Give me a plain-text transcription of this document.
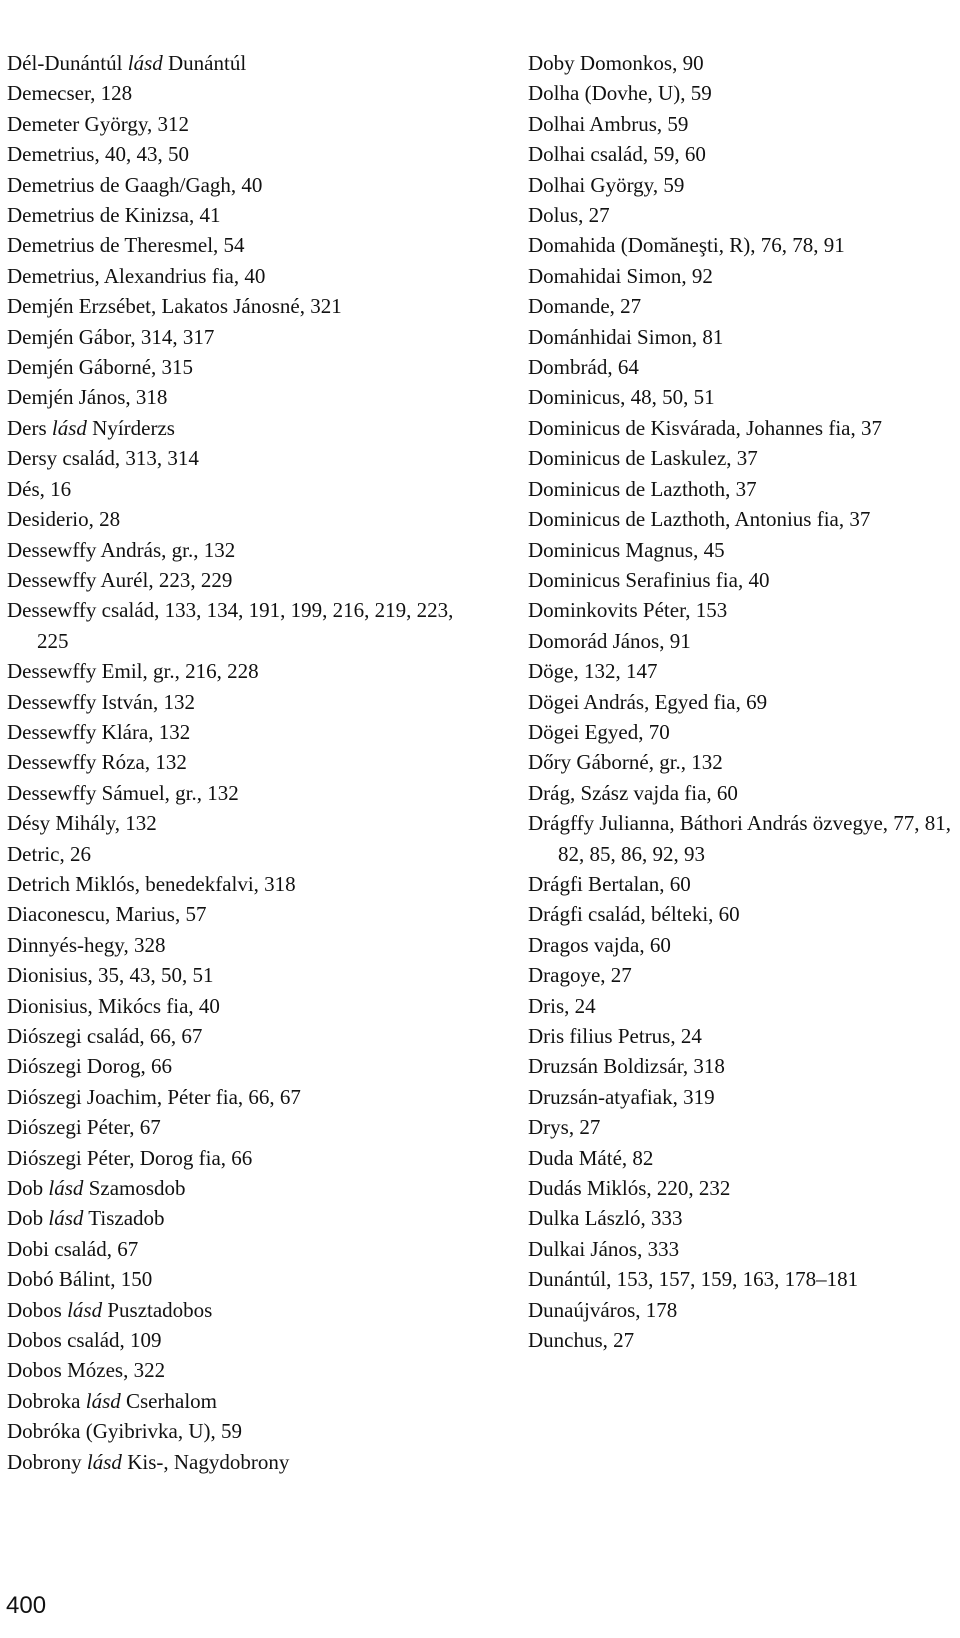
Dél-Dunántúl lásd Dunántúl
Demecser, 128
Demeter György, 312
Demetrius, 40, 43, 50
Demetrius de Gaagh/Gagh, 40
Demetrius de Kinizsa, 41
Demetrius de Theresmel, 54
Demetrius, Alexandrius fia, 40
Demjén Erzsébet, Lakatos Jánosné, 321
Demjén Gábor, 314, 317
Demjén Gáborné, 315
Demjén János, 318
Ders lásd Nyírderzs
Dersy család, 313, 314
Dés, 16
Desiderio, 28
Dessewffy András, gr., 132
Dessewffy Aurél, 223, 229
Dessewffy család, 133, 134, 191, 199, 216, 219, 223, 225
Dessewffy Emil, gr., 216, 228
Dessewffy István, 132
Dessewffy Klára, 132
Dessewffy Róza, 132
Dessewffy Sámuel, gr., 132
Désy Mihály, 132
Detric, 26
Detrich Miklós, benedekfalvi, 318
Diaconescu, Marius, 57
Dinnyés-hegy, 328
Dionisius, 35, 43, 50, 51
Dionisius, Mikócs fia, 40
Diószegi család, 66, 67
Diószegi Dorog, 66
Diószegi Joachim, Péter fia, 66, 67
Diószegi Péter, 67
Diószegi Péter, Dorog fia, 66
Dob lásd Szamosdob
Dob lásd Tiszadob
Dobi család, 67
Dobó Bálint, 150
Dobos lásd Pusztadobos
Dobos család, 109
Dobos Mózes, 322
Dobroka lásd Cserhalom
Dobróka (Gyibrivka, U), 59
Dobrony lásd Kis-, Nagydobrony
Doby Domonkos, 90
Dolha (Dovhe, U), 59
Dolhai Ambrus, 59
Dolhai család, 59, 60
Dolhai György, 59
Dolus, 27
Domahida (Domăneşti, R), 76, 78, 91
Domahidai Simon, 92
Domande, 27
Dománhidai Simon, 81
Dombrád, 64
Dominicus, 48, 50, 51
Dominicus de Kisvárada, Johannes fia, 37
Dominicus de Laskulez, 37
Dominicus de Lazthoth, 37
Dominicus de Lazthoth, Antonius fia, 37
Dominicus Magnus, 45
Dominicus Serafinius fia, 40
Dominkovits Péter, 153
Domorád János, 91
Döge, 132, 147
Dögei András, Egyed fia, 69
Dögei Egyed, 70
Dőry Gáborné, gr., 132
Drág, Szász vajda fia, 60
Drágffy Julianna, Báthori András özvegye, 77, 81, 82, 85, 86, 92, 93
Drágfi Bertalan, 60
Drágfi család, bélteki, 60
Dragos vajda, 60
Dragoye, 27
Dris, 24
Dris filius Petrus, 24
Druzsán Boldizsár, 318
Druzsán-atyafiak, 319
Drys, 27
Duda Máté, 82
Dudás Miklós, 220, 232
Dulka László, 333
Dulkai János, 333
Dunántúl, 153, 157, 159, 163, 178–181
Dunaújváros, 178
Dunchus, 27
400
